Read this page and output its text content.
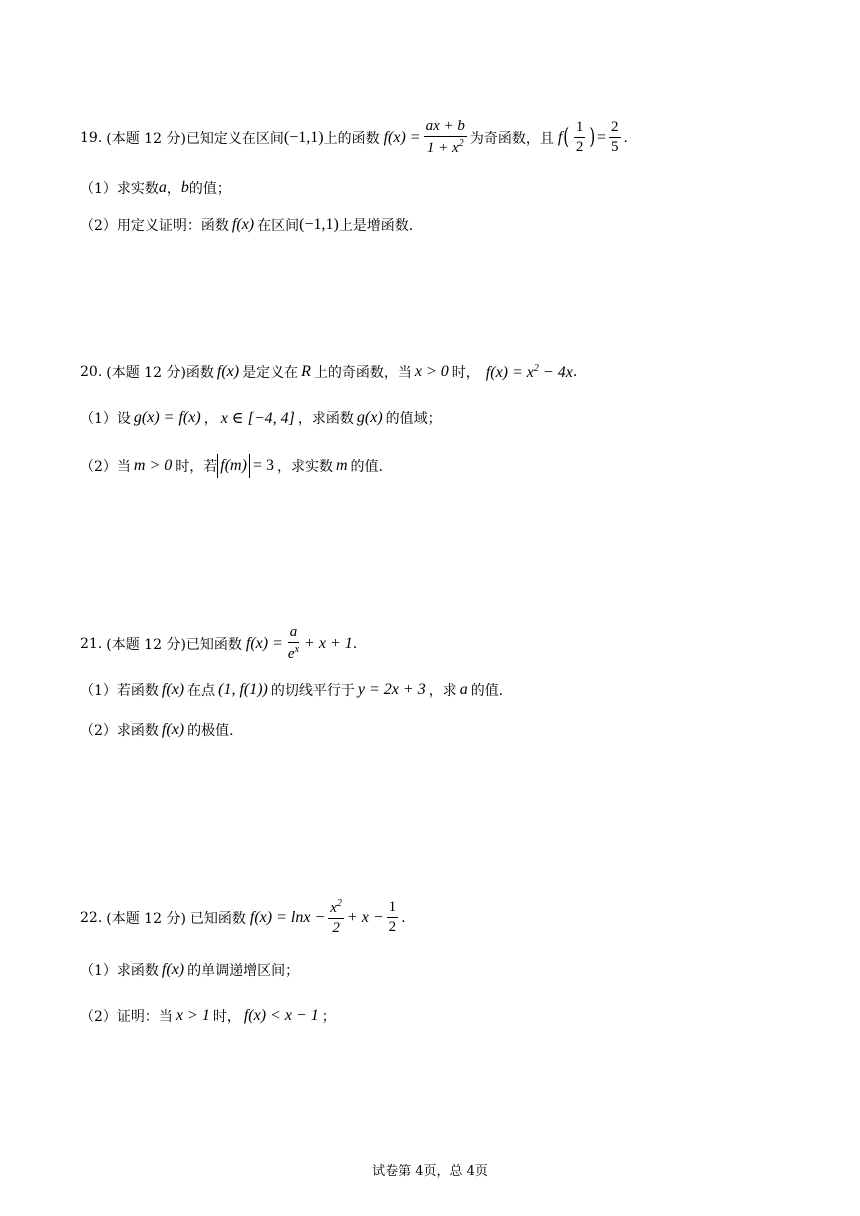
19. (本题 12 分) 已知定义在区间 (−1,1) 上的函数 $f(x) = \frac{ax + b}{1 + x^2}$ 为奇函数，且 f ( $\frac{1}{2}$ ) = $\frac{2}{5}$ .
（1）求实数 a ， b 的值；
（2）用定义证明：函数 f(x) 在区间 (−1,1) 上是增函数.
20. (本题 12 分) 函数 f(x) 是定义在 R 上的奇函数，当 x > 0 时， $f(x) = x^2 - 4x$ .
（1）设 g(x) = f(x) ， x ∈ [−4, 4] ，求函数 g(x) 的值域；
（2）当 m > 0 时，若 f(m) = 3 ，求实数 m 的值.
21. (本题 12 分) 已知函数 $f(x) = \frac{a}{e^x} + x + 1$ .
（1）若函数 f(x) 在点 (1, f(1)) 的切线平行于 y = 2x + 3 ，求 a 的值.
（2）求函数 f(x) 的极值.
22. (本题 12 分) 已知函数 $f(x) = \ln x - \frac{x^2}{2} + x - \frac{1}{2}$ .
（1）求函数 f(x) 的单调递增区间；
（2）证明：当 x > 1 时， f(x) < x − 1 ；
试卷第 4页，总 4页
